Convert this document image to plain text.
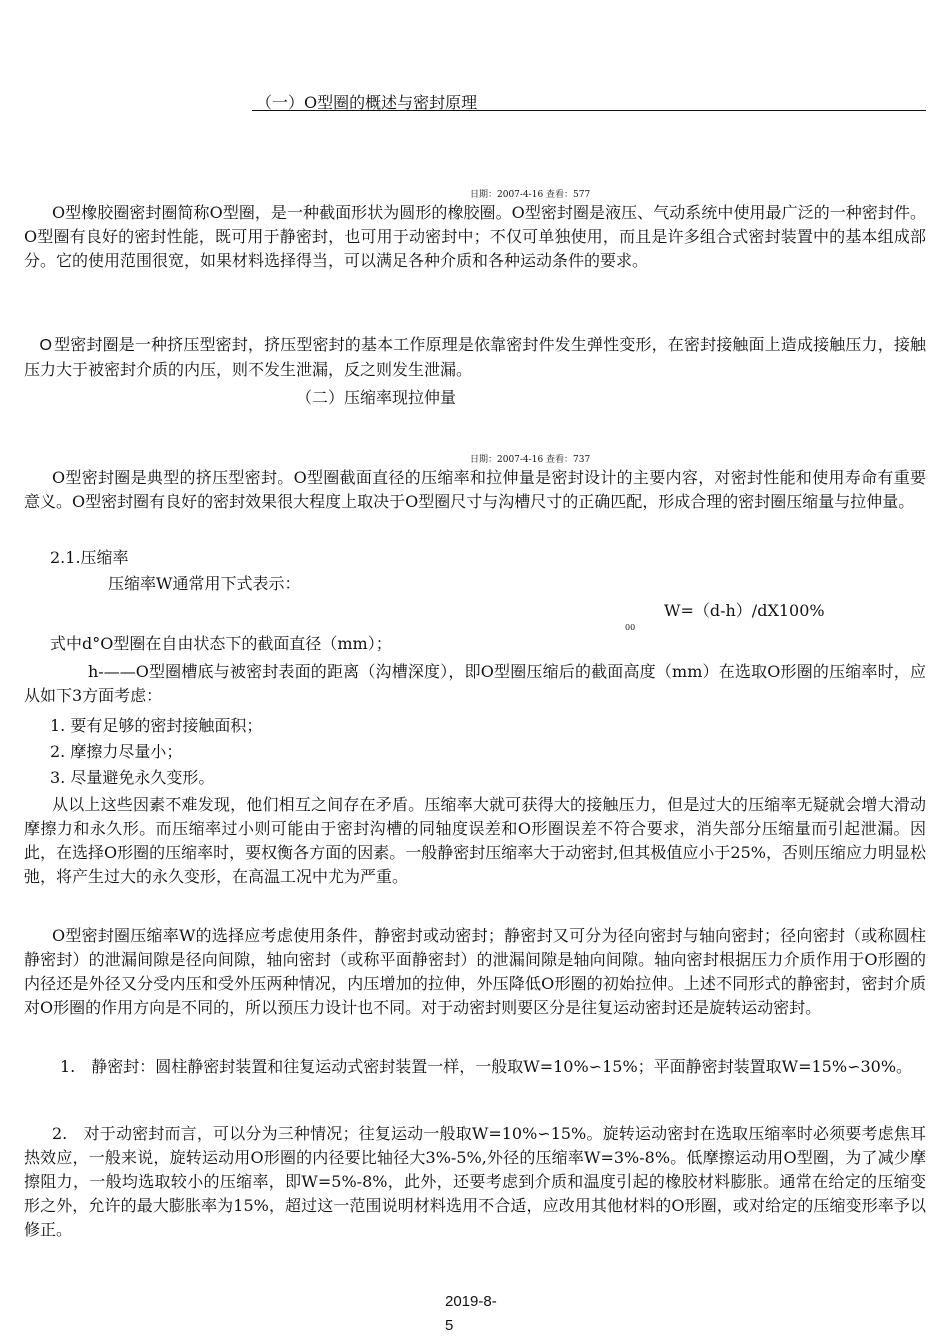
（一）O型圈的概述与密封原理
日期：2007-4-16 查看：577
O型橡胶圈密封圈简称O型圈，是一种截面形状为圆形的橡胶圈。O型密封圈是液压、气动系统中使用最广泛的一种密封件。O型圈有良好的密封性能，既可用于静密封，也可用于动密封中；不仅可单独使用，而且是许多组合式密封装置中的基本组成部分。它的使用范围很宽，如果材料选择得当，可以满足各种介质和各种运动条件的要求。
O 型密封圈是一种挤压型密封，挤压型密封的基本工作原理是依靠密封件发生弹性变形，在密封接触面上造成接触压力，接触压力大于被密封介质的内压，则不发生泄漏，反之则发生泄漏。
（二）压缩率现拉伸量
日期：2007-4-16 查看：737
O型密封圈是典型的挤压型密封。O型圈截面直径的压缩率和拉伸量是密封设计的主要内容，对密封性能和使用寿命有重要意义。O型密封圈有良好的密封效果很大程度上取决于O型圈尺寸与沟槽尺寸的正确匹配，形成合理的密封圈压缩量与拉伸量。
2.1.压缩率
压缩率W通常用下式表示：
W=（d-h）/dX100%
00
式中d°O型圈在自由状态下的截面直径（mm）；
h-——O型圈槽底与被密封表面的距离（沟槽深度），即O型圈压缩后的截面高度（mm）在选取O形圈的压缩率时，应从如下3方面考虑：
1. 要有足够的密封接触面积；
2. 摩擦力尽量小；
3. 尽量避免永久变形。
从以上这些因素不难发现，他们相互之间存在矛盾。压缩率大就可获得大的接触压力，但是过大的压缩率无疑就会增大滑动摩擦力和永久形。而压缩率过小则可能由于密封沟槽的同轴度误差和O形圈误差不符合要求，消失部分压缩量而引起泄漏。因此，在选择O形圈的压缩率时，要权衡各方面的因素。一般静密封压缩率大于动密封,但其极值应小于25%，否则压缩应力明显松弛，将产生过大的永久变形，在高温工况中尤为严重。
O型密封圈压缩率W的选择应考虑使用条件，静密封或动密封；静密封又可分为径向密封与轴向密封；径向密封（或称圆柱静密封）的泄漏间隙是径向间隙，轴向密封（或称平面静密封）的泄漏间隙是轴向间隙。轴向密封根据压力介质作用于O形圈的内径还是外径又分受内压和受外压两种情况，内压增加的拉伸，外压降低O形圈的初始拉伸。上述不同形式的静密封，密封介质对O形圈的作用方向是不同的，所以预压力设计也不同。对于动密封则要区分是往复运动密封还是旋转运动密封。
1.　静密封：圆柱静密封装置和往复运动式密封装置一样，一般取W=10%∽15%；平面静密封装置取W=15%∽30%。
2.　对于动密封而言，可以分为三种情况；往复运动一般取W=10%∽15%。旋转运动密封在选取压缩率时必须要考虑焦耳热效应，一般来说，旋转运动用O形圈的内径要比轴径大3%-5%,外径的压缩率W=3%-8%。低摩擦运动用O型圈，为了减少摩擦阻力，一般均选取较小的压缩率，即W=5%-8%，此外，还要考虑到介质和温度引起的橡胶材料膨胀。通常在给定的压缩变形之外，允许的最大膨胀率为15%，超过这一范围说明材料选用不合适，应改用其他材料的O形圈，或对给定的压缩变形率予以修正。
2019-8-
5
